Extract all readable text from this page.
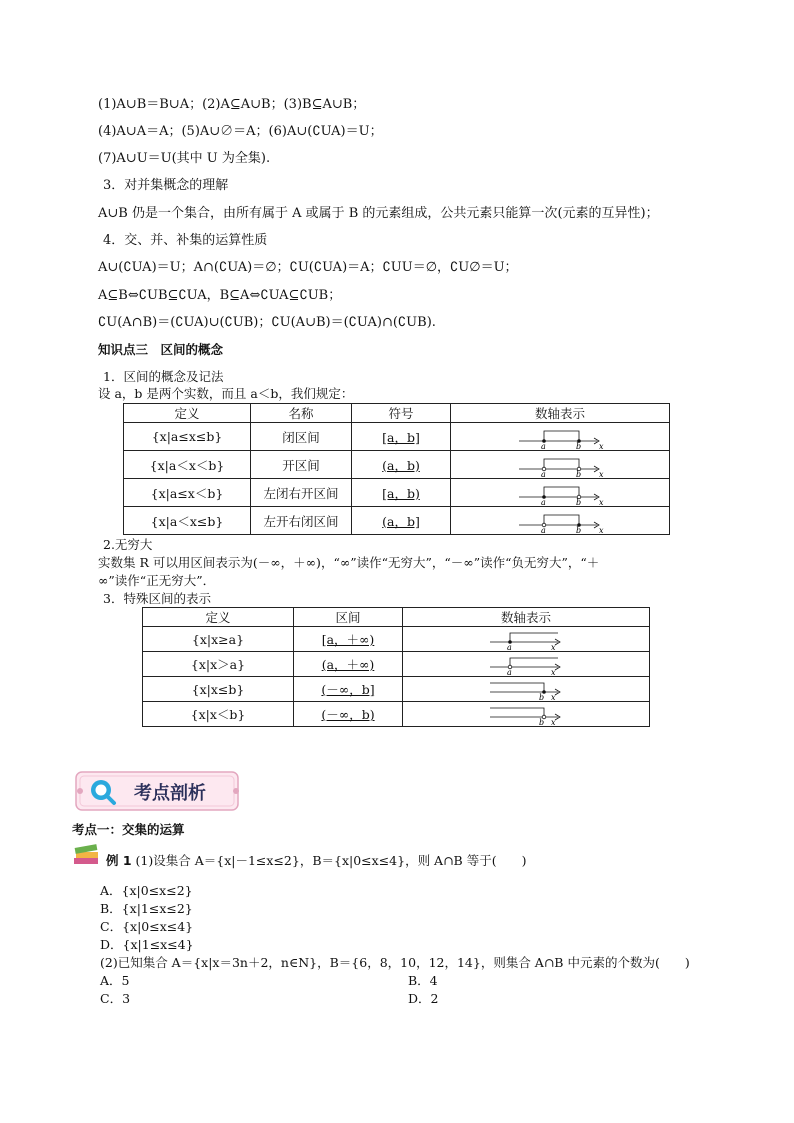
(1)A∪B＝B∪A；(2)A⊆A∪B；(3)B⊆A∪B；
(4)A∪A＝A；(5)A∪∅＝A；(6)A∪(∁UA)＝U；
(7)A∪U＝U(其中 U 为全集).
3．对并集概念的理解
A∪B 仍是一个集合，由所有属于 A 或属于 B 的元素组成，公共元素只能算一次(元素的互异性)；
4．交、并、补集的运算性质
A∪(∁UA)＝U；A∩(∁UA)＝∅；∁U(∁UA)＝A；∁UU＝∅，∁U∅＝U；
A⊆B⇔∁UB⊆∁UA，B⊆A⇔∁UA⊆∁UB；
∁U(A∩B)＝(∁UA)∪(∁UB)；∁U(A∪B)＝(∁UA)∩(∁UB).
知识点三　区间的概念
1．区间的概念及记法
设 a，b 是两个实数，而且 a＜b，我们规定：
定义	名称	符号	数轴表示
{x|a≤x≤b}	闭区间	[a，b]	a b x

{x|a＜x＜b}	开区间	(a，b)	a b x

{x|a≤x＜b}	左闭右开区间	[a，b)	a b x

{x|a＜x≤b}	左开右闭区间	(a，b]	a b x
2.无穷大
实数集 R 可以用区间表示为(－∞，＋∞)，“∞”读作“无穷大”，“－∞”读作“负无穷大”，“＋
∞”读作“正无穷大”．
3．特殊区间的表示
定义	区间	数轴表示
{x|x≥a}	[a，＋∞)	a x

{x|x＞a}	(a，＋∞)	a x

{x|x≤b}	(－∞，b]	b x

{x|x＜b}	(－∞，b)	b x
考点剖析
考点一：交集的运算
例 1 (1)设集合 A＝{x|－1≤x≤2}，B＝{x|0≤x≤4}，则 A∩B 等于(　　)
A．{x|0≤x≤2}
B．{x|1≤x≤2}
C．{x|0≤x≤4}
D．{x|1≤x≤4}
(2)已知集合 A＝{x|x＝3n＋2，n∈N}，B＝{6，8，10，12，14}，则集合 A∩B 中元素的个数为(　　)
A．5	B．4
C．3	D．2
